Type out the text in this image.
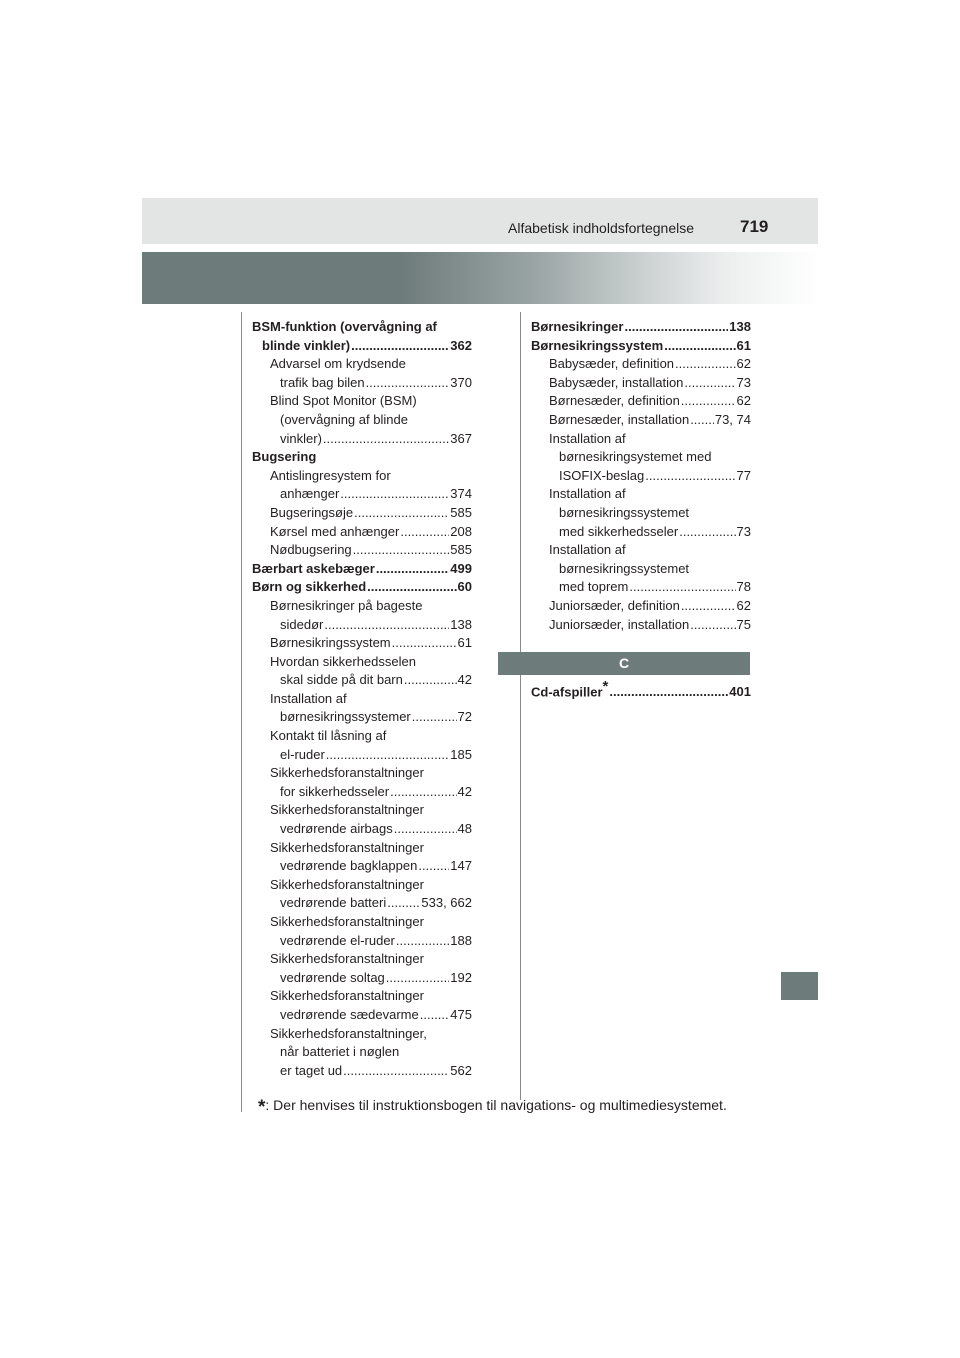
Alfabetisk indholdsfortegnelse	719
BSM-funktion (overvågning af
blinde vinkler) .....	362
Advarsel om krydsende
trafik bag bilen .....	370
Blind Spot Monitor (BSM)
(overvågning af blinde
vinkler) .....	367
Bugsering
Antislingresystem for
anhænger .....	374
Bugseringsøje .....	585
Kørsel med anhænger .....	208
Nødbugsering .....	585
Bærbart askebæger .....	499
Børn og sikkerhed .....	60
Børnesikringer på bageste
sidedør .....	138
Børnesikringssystem .....	61
Hvordan sikkerhedsselen
skal sidde på dit barn .....	42
Installation af
børnesikringssystemer .....	72
Kontakt til låsning af
el-ruder .....	185
Sikkerhedsforanstaltninger
for sikkerhedsseler .....	42
Sikkerhedsforanstaltninger
vedrørende airbags .....	48
Sikkerhedsforanstaltninger
vedrørende bagklappen .....	147
Sikkerhedsforanstaltninger
vedrørende batteri .....	533, 662
Sikkerhedsforanstaltninger
vedrørende el-ruder .....	188
Sikkerhedsforanstaltninger
vedrørende soltag .....	192
Sikkerhedsforanstaltninger
vedrørende sædevarme ..... 475
Sikkerhedsforanstaltninger,
når batteriet i nøglen
er taget ud .....	562
Børnesikringer .....	138
Børnesikringssystem .....	61
Babysæder, definition .....	62
Babysæder, installation .....	73
Børnesæder, definition .....	62
Børnesæder, installation ..... 73, 74
Installation af
børnesikringsystemet med
ISOFIX-beslag .....	77
Installation af
børnesikringssystemet
med sikkerhedsseler .....	73
Installation af
børnesikringssystemet
med toprem .....	78
Juniorsæder, definition .....	62
Juniorsæder, installation .....	75
C
Cd-afspiller* .....	401
*: Der henvises til instruktionsbogen til navigations- og multimediesystemet.
